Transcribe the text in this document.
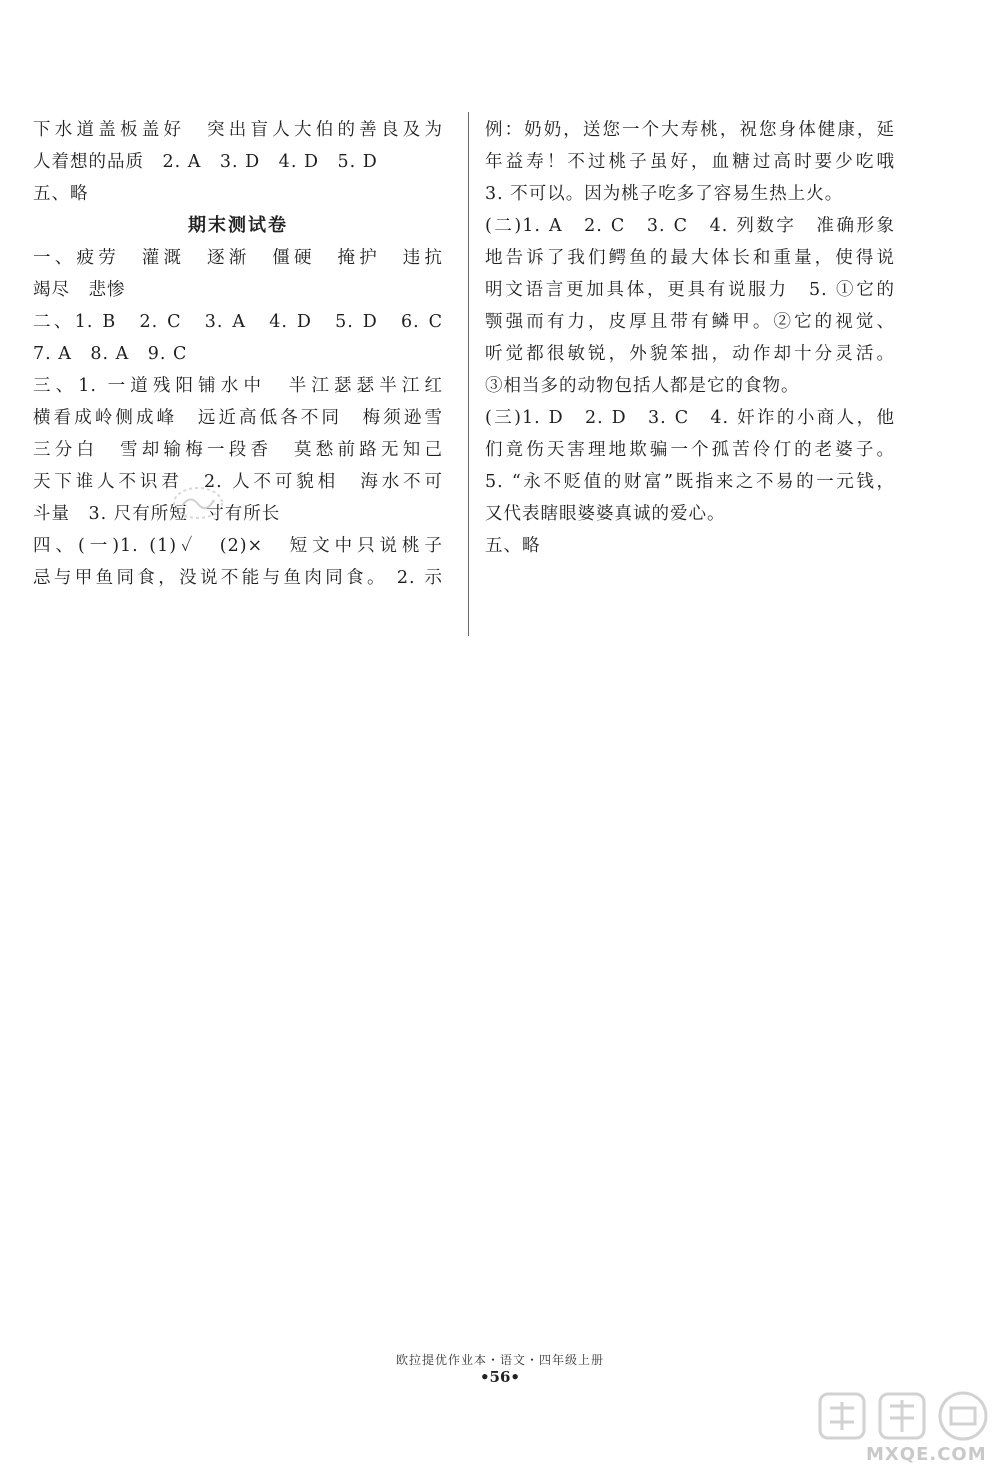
下水道盖板盖好　突出盲人大伯的善良及为
人着想的品质　2. A　3. D　4. D　5. D
五、略
期末测试卷
一、疲劳　灌溉　逐渐　僵硬　掩护　违抗
竭尽　悲惨
二、1. B　2. C　3. A　4. D　5. D　6. C
7. A　8. A　9. C
三、1. 一道残阳铺水中　半江瑟瑟半江红
横看成岭侧成峰　远近高低各不同　梅须逊雪
三分白　雪却输梅一段香　莫愁前路无知己
天下谁人不识君　2. 人不可貌相　海水不可
斗量　3. 尺有所短　寸有所长
四、(一)1. (1)✓　(2)×　短文中只说桃子
忌与甲鱼同食，没说不能与鱼肉同食。 2. 示
例：奶奶，送您一个大寿桃，祝您身体健康，延
年益寿！不过桃子虽好，血糖过高时要少吃哦
3. 不可以。因为桃子吃多了容易生热上火。
(二)1. A　2. C　3. C　4. 列数字　准确形象
地告诉了我们鳄鱼的最大体长和重量，使得说
明文语言更加具体，更具有说服力　5. ①它的
颚强而有力，皮厚且带有鳞甲。②它的视觉、
听觉都很敏锐，外貌笨拙，动作却十分灵活。
③相当多的动物包括人都是它的食物。
(三)1. D　2. D　3. C　4. 奸诈的小商人，他
们竟伤天害理地欺骗一个孤苦伶仃的老婆子。
5. “永不贬值的财富”既指来之不易的一元钱，
又代表瞎眼婆婆真诚的爱心。
五、略
欧拉提优作业本・语文・四年级上册
•56•
MXQE.COM
